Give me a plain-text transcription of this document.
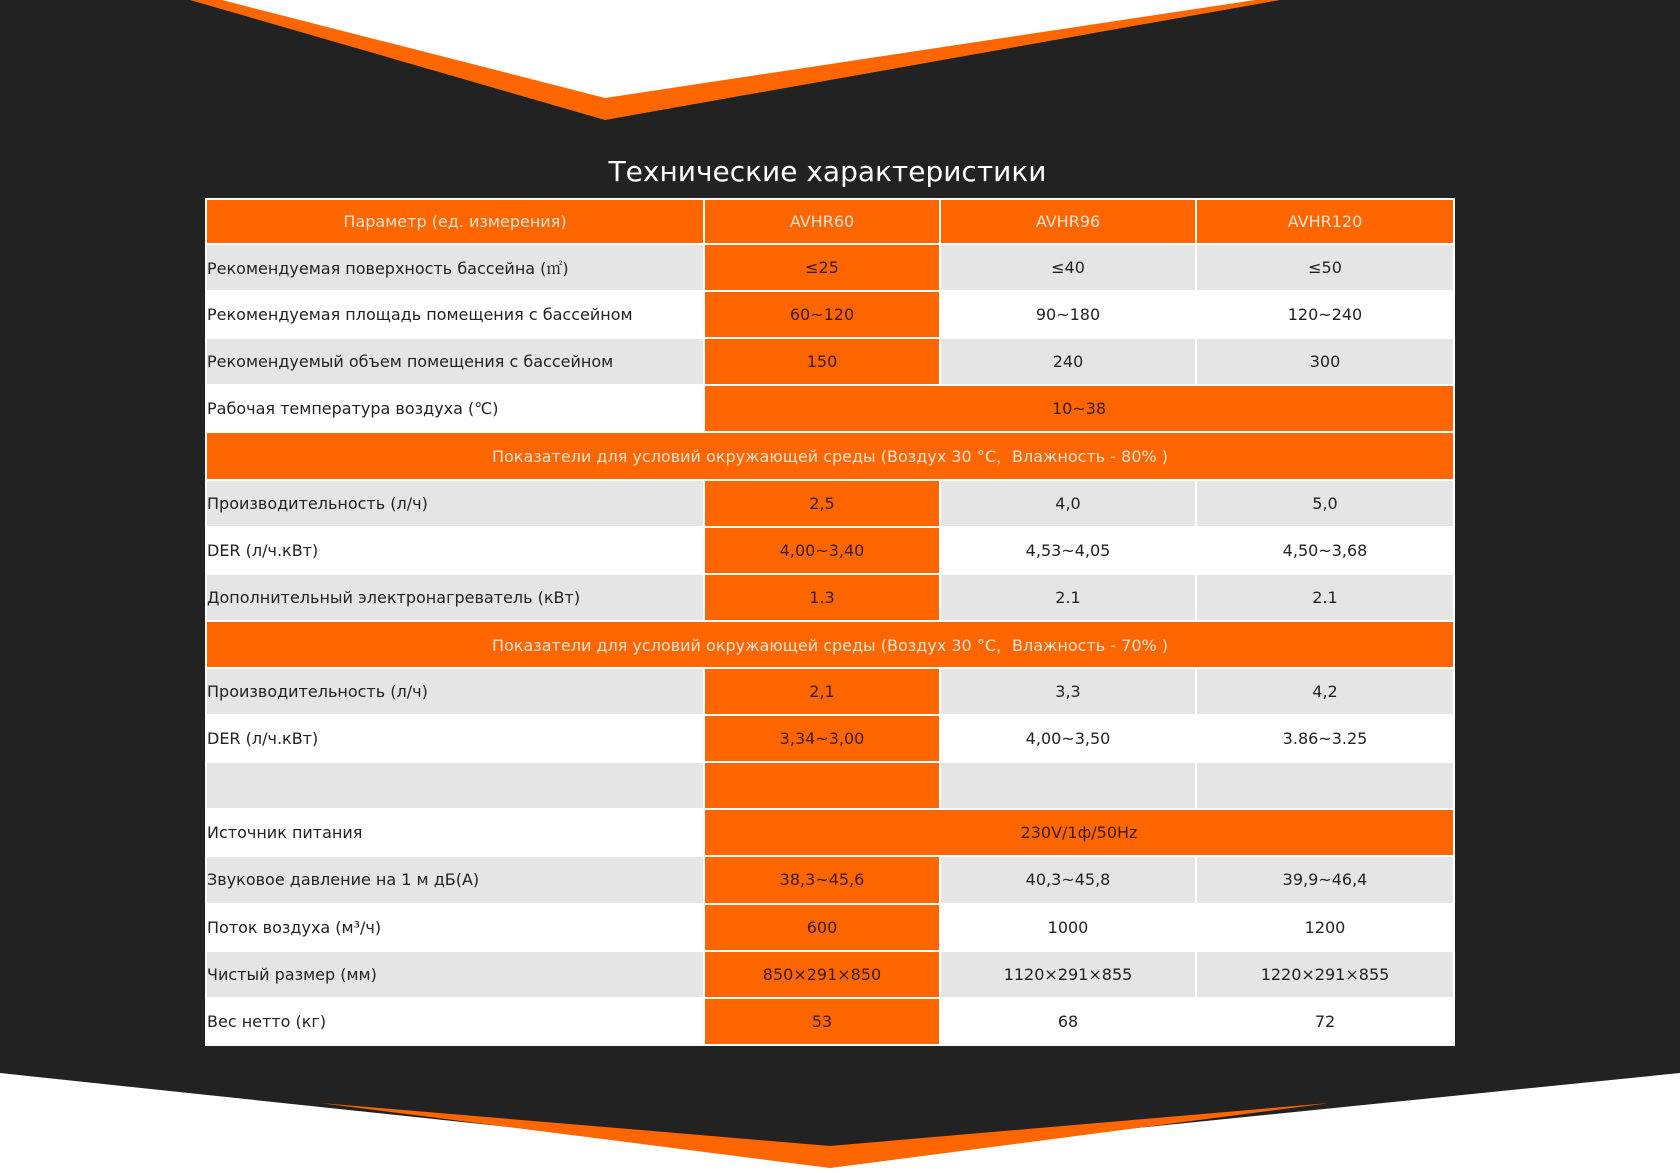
Технические характеристики
Параметр (ед. измерения)	AVHR60	AVHR96	AVHR120
Рекомендуемая поверхность бассейна (㎡)	≤25	≤40	≤50
Рекомендуемая площадь помещения с бассейном	60~120	90~180	120~240
Рекомендуемый объем помещения с бассейном	150	240	300
Рабочая температура воздуха (℃)	10~38		
Показатели для условий окружающей среды (Воздух 30 °C，Влажность - 80% )			
Производительность (л/ч)	2,5	4,0	5,0
DER (л/ч.кВт)	4,00~3,40	4,53~4,05	4,50~3,68
Дополнительный электронагреватель (кВт)	1.3	2.1	2.1
Показатели для условий окружающей среды (Воздух 30 °C，Влажность - 70% )			
Производительность (л/ч)	2,1	3,3	4,2
DER (л/ч.кВт)	3,34~3,00	4,00~3,50	3.86~3.25

Источник питания	230V/1ф/50Hz		
Звуковое давление на 1 м дБ(А)	38,3~45,6	40,3~45,8	39,9~46,4
Поток воздуха (м³/ч)	600	1000	1200
Чистый размер (мм)	850×291×850	1120×291×855	1220×291×855
Вес нетто (кг)	53	68	72
